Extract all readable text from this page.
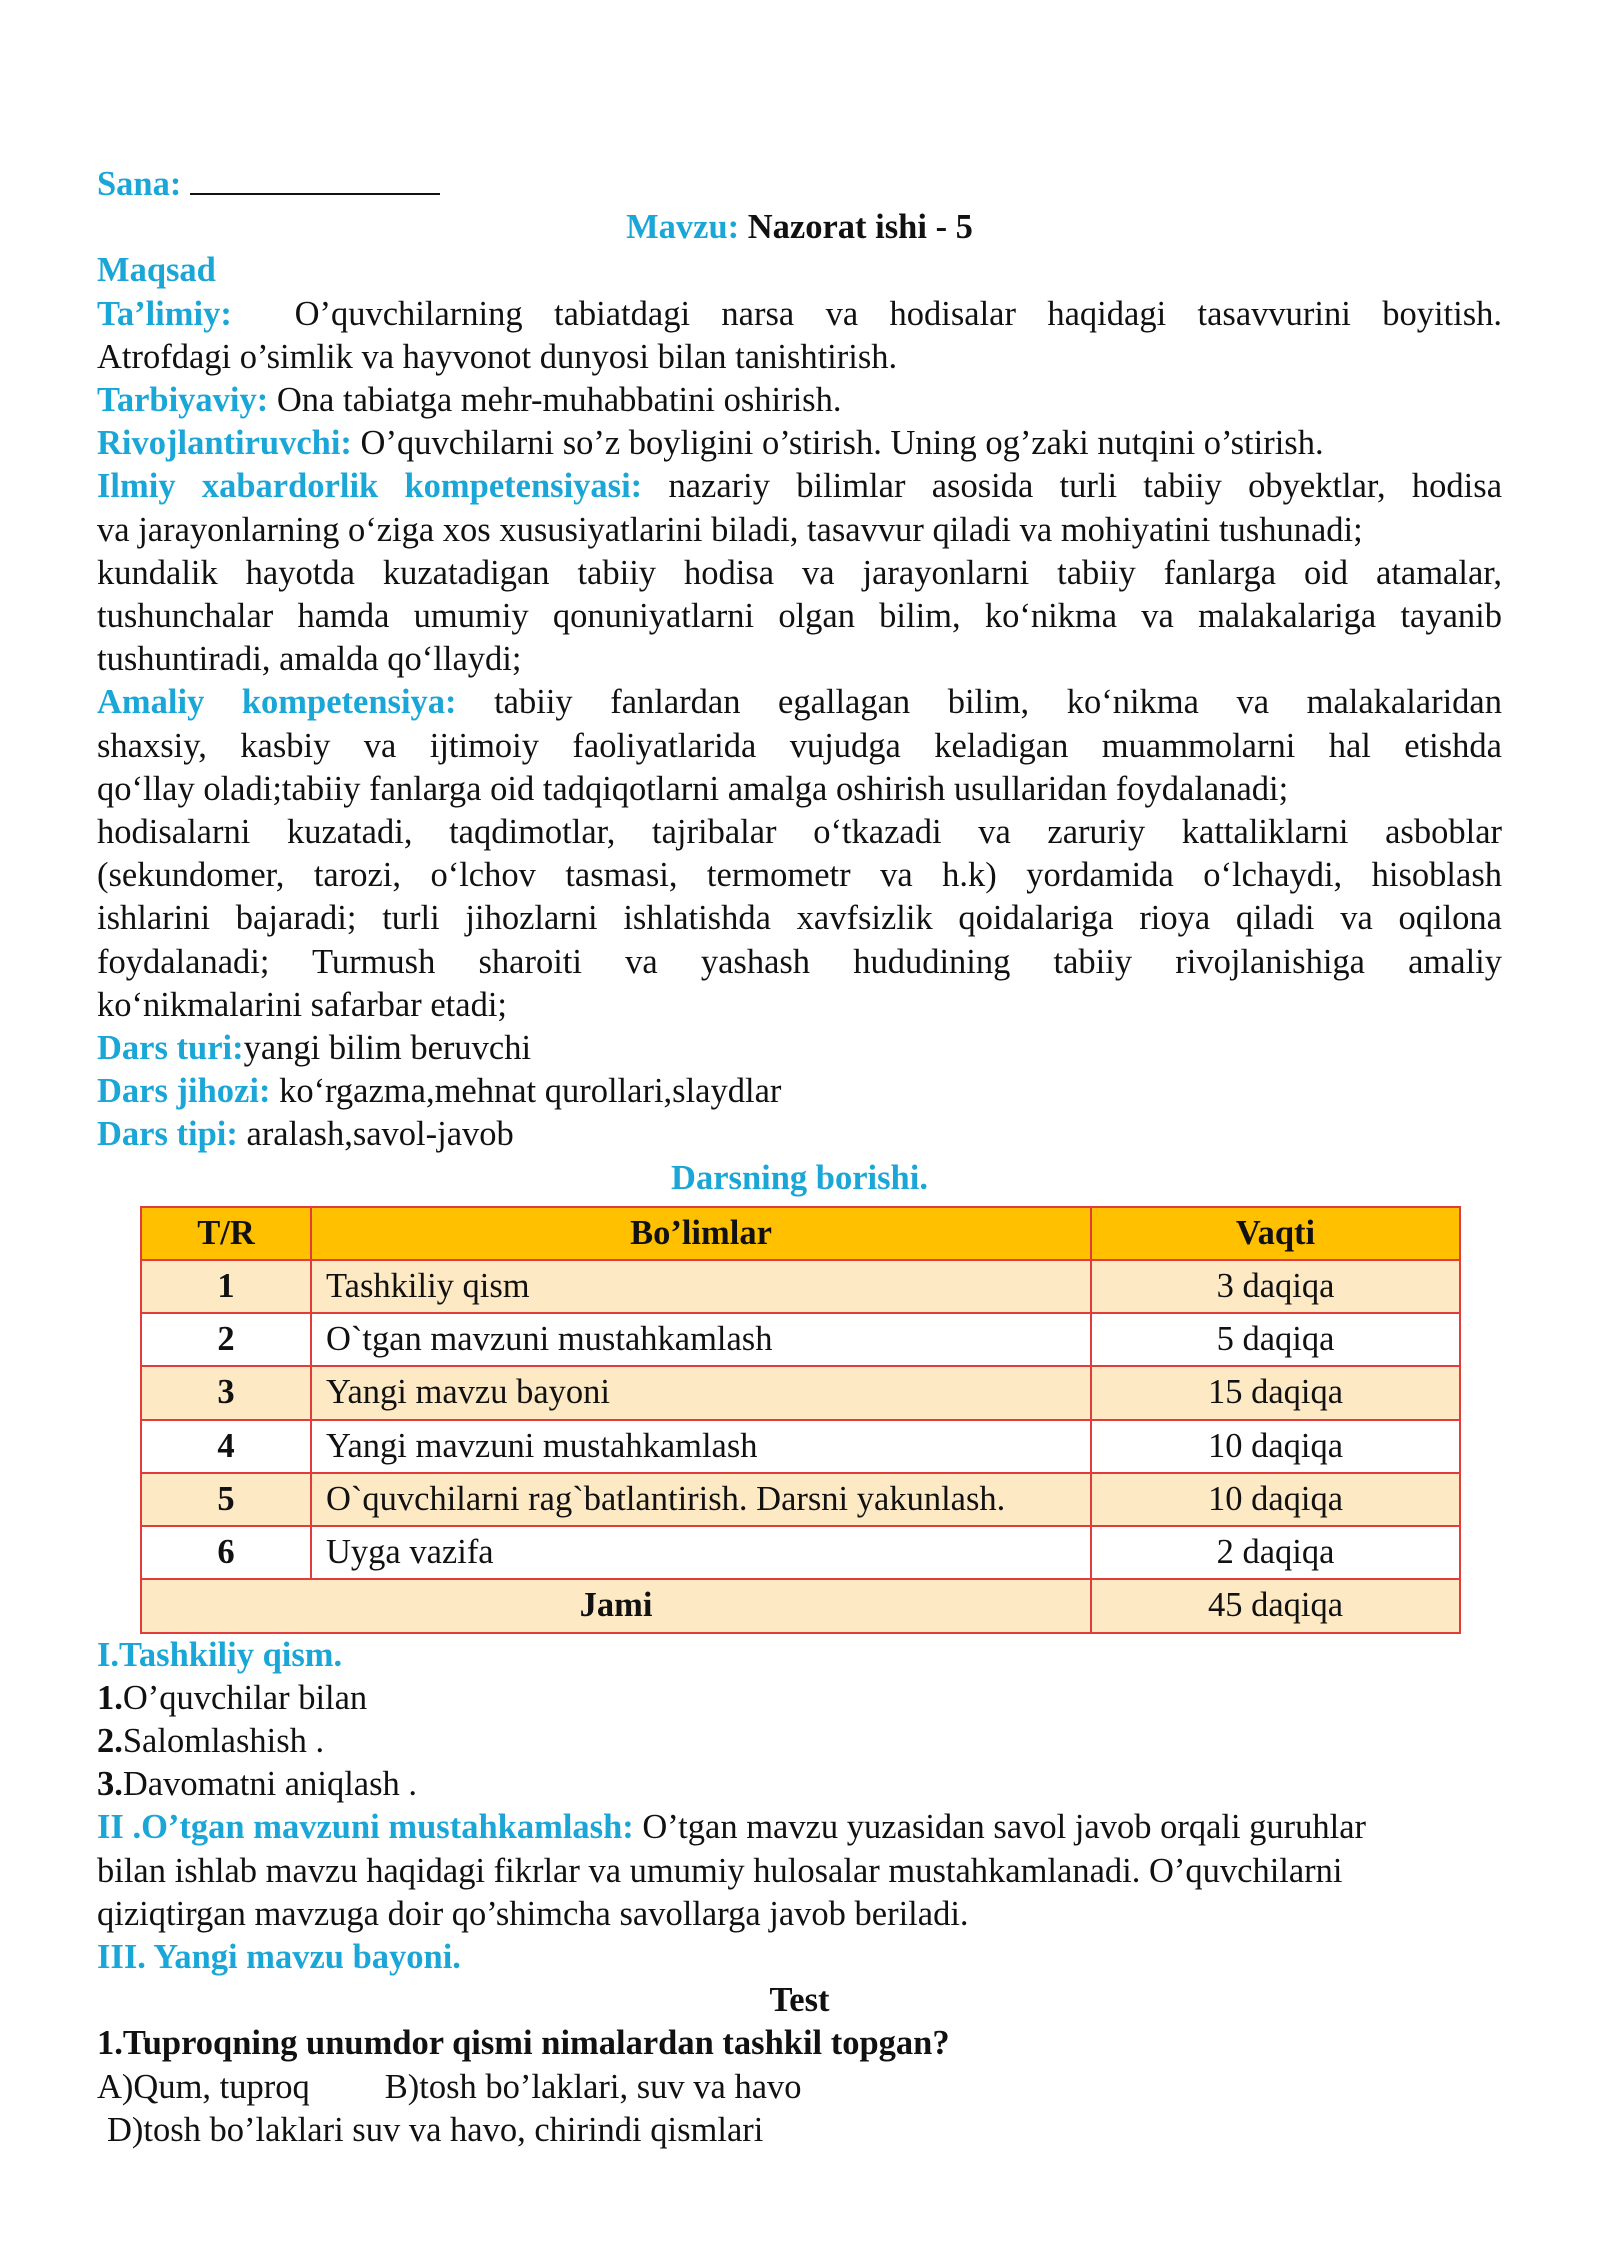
Sana:
Mavzu: Nazorat ishi - 5
Maqsad
Ta’limiy: O’quvchilarning tabiatdagi narsa va hodisalar haqidagi tasavvurini boyitish.
Atrofdagi o’simlik va hayvonot dunyosi bilan tanishtirish.
Tarbiyaviy: Ona tabiatga mehr-muhabbatini oshirish.
Rivojlantiruvchi: O’quvchilarni so’z boyligini o’stirish. Uning og’zaki nutqini o’stirish.
Ilmiy xabardorlik kompetensiyasi: nazariy bilimlar asosida turli tabiiy obyektlar, hodisa
va jarayonlarning o‘ziga xos xususiyatlarini biladi, tasavvur qiladi va mohiyatini tushunadi;
kundalik hayotda kuzatadigan tabiiy hodisa va jarayonlarni tabiiy fanlarga oid atamalar,
tushunchalar hamda umumiy qonuniyatlarni olgan bilim, ko‘nikma va malakalariga tayanib
tushuntiradi, amalda qo‘llaydi;
Amaliy kompetensiya: tabiiy fanlardan egallagan bilim, ko‘nikma va malakalaridan
shaxsiy, kasbiy va ijtimoiy faoliyatlarida vujudga keladigan muammolarni hal etishda
qo‘llay oladi;tabiiy fanlarga oid tadqiqotlarni amalga oshirish usullaridan foydalanadi;
hodisalarni kuzatadi, taqdimotlar, tajribalar o‘tkazadi va zaruriy kattaliklarni asboblar
(sekundomer, tarozi, o‘lchov tasmasi, termometr va h.k) yordamida o‘lchaydi, hisoblash
ishlarini bajaradi; turli jihozlarni ishlatishda xavfsizlik qoidalariga rioya qiladi va oqilona
foydalanadi; Turmush sharoiti va yashash hududining tabiiy rivojlanishiga amaliy
ko‘nikmalarini safarbar etadi;
Dars turi:yangi bilim beruvchi
Dars jihozi: ko‘rgazma,mehnat qurollari,slaydlar
Dars tipi: aralash,savol-javob
Darsning borishi.
T/R	Bo’limlar	Vaqti
1	Tashkiliy qism	3 daqiqa
2	O`tgan mavzuni mustahkamlash	5 daqiqa
3	Yangi mavzu bayoni	15 daqiqa
4	Yangi mavzuni mustahkamlash	10 daqiqa
5	O`quvchilarni rag`batlantirish. Darsni yakunlash.	10 daqiqa
6	Uyga vazifa	2 daqiqa
Jami		45 daqiqa
I.Tashkiliy qism.
1.O’quvchilar bilan
2.Salomlashish .
3.Davomatni aniqlash .
II .O’tgan mavzuni mustahkamlash: O’tgan mavzu yuzasidan savol javob orqali guruhlar
bilan ishlab mavzu haqidagi fikrlar va umumiy hulosalar mustahkamlanadi. O’quvchilarni
qiziqtirgan mavzuga doir qo’shimcha savollarga javob beriladi.
III. Yangi mavzu bayoni.
Test
1.Tuproqning unumdor qismi nimalardan tashkil topgan?
A)Qum, tuproq B)tosh bo’laklari, suv va havo
D)tosh bo’laklari suv va havo, chirindi qismlari
